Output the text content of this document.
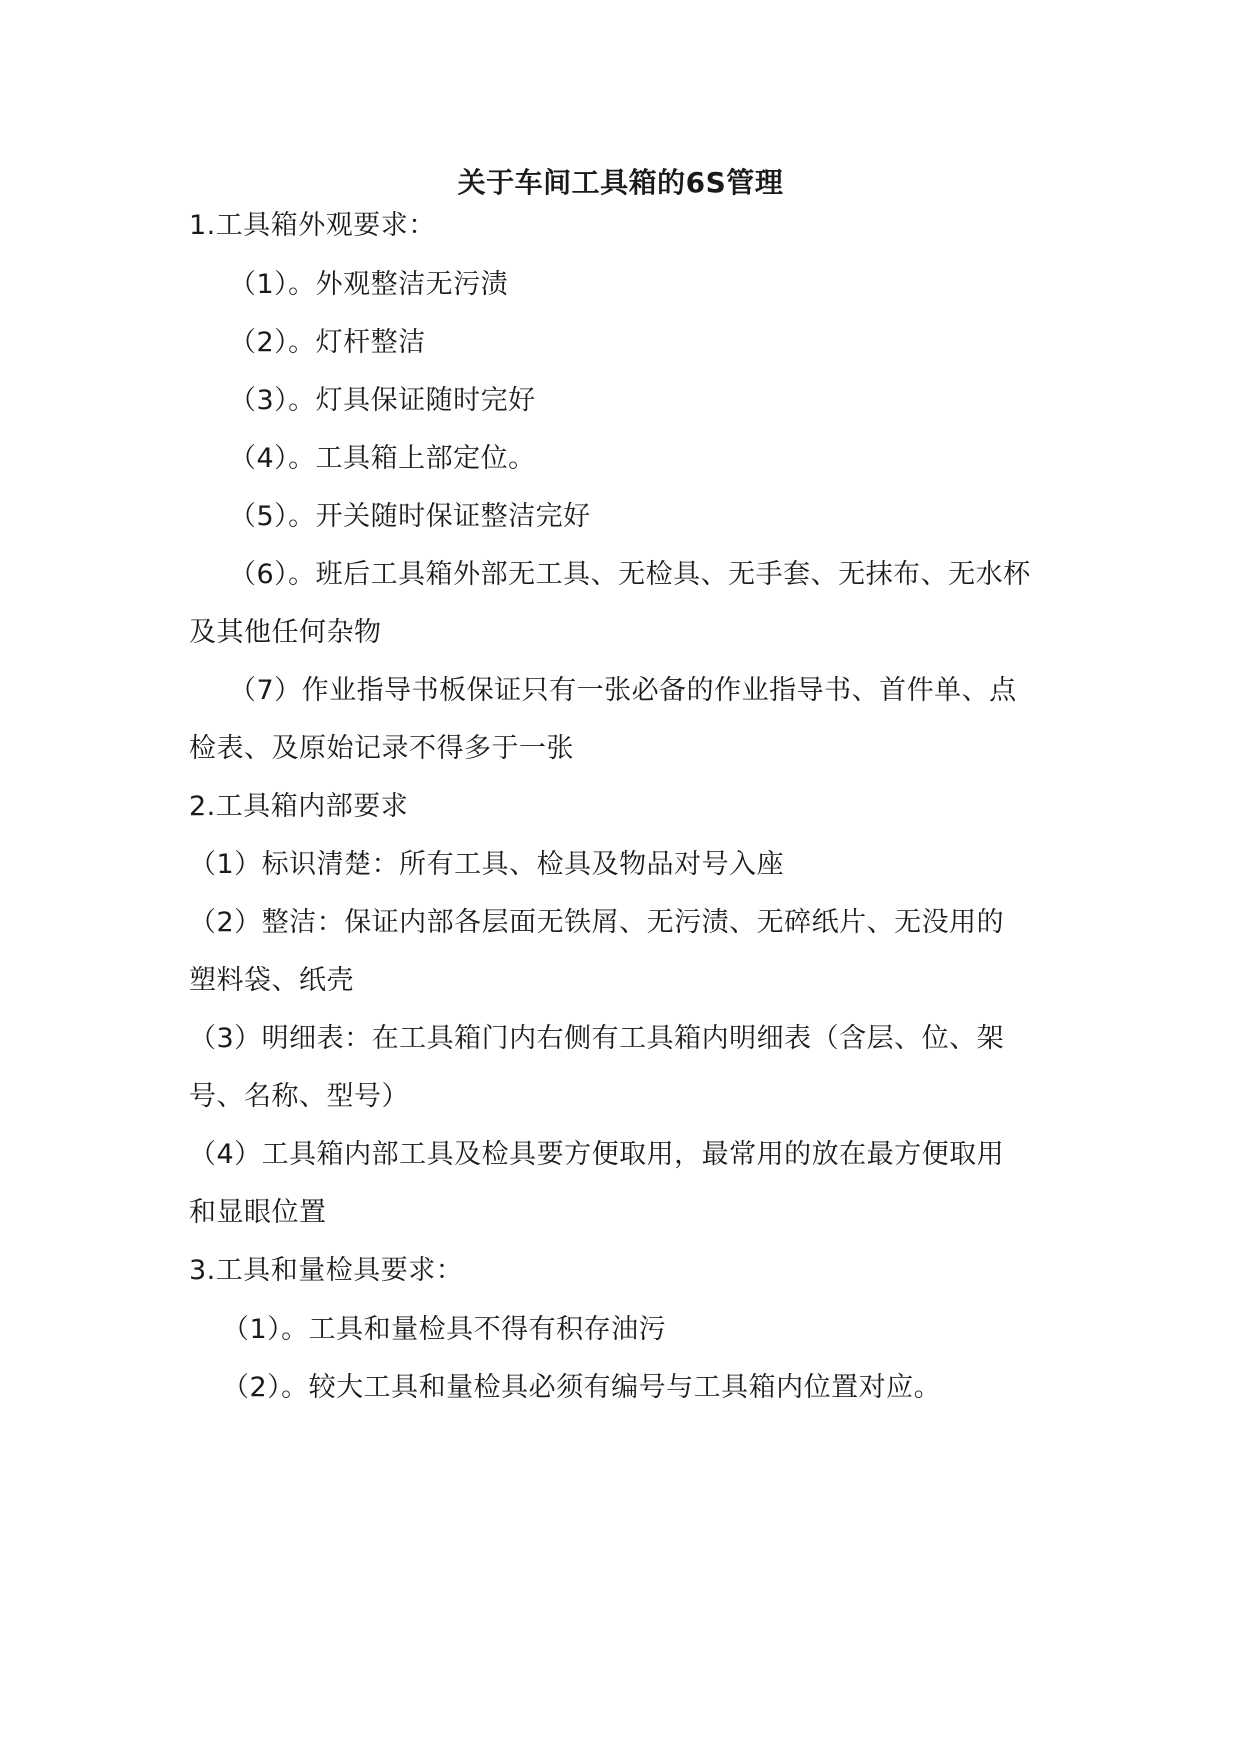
关于车间工具箱的6S管理
1.工具箱外观要求：
（1）。外观整洁无污渍
（2）。灯杆整洁
（3）。灯具保证随时完好
（4）。工具箱上部定位。
（5）。开关随时保证整洁完好
（6）。班后工具箱外部无工具、无检具、无手套、无抹布、无水杯
及其他任何杂物
（7）作业指导书板保证只有一张必备的作业指导书、首件单、点
检表、及原始记录不得多于一张
2.工具箱内部要求
（1）标识清楚：所有工具、检具及物品对号入座
（2）整洁：保证内部各层面无铁屑、无污渍、无碎纸片、无没用的
塑料袋、纸壳
（3）明细表：在工具箱门内右侧有工具箱内明细表（含层、位、架
号、名称、型号）
（4）工具箱内部工具及检具要方便取用，最常用的放在最方便取用
和显眼位置
3.工具和量检具要求：
（1）。工具和量检具不得有积存油污
（2）。较大工具和量检具必须有编号与工具箱内位置对应。
